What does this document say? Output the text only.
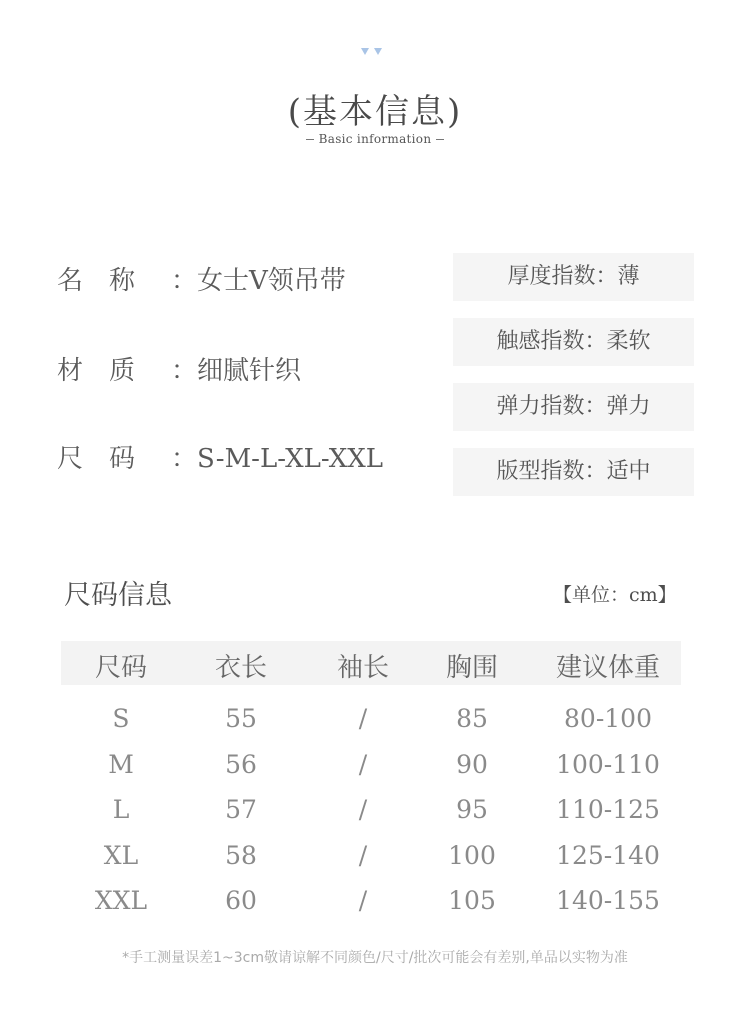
(基本信息)
Basic information
名　称 ：女士V领吊带
材　质 ：细腻针织
尺　码 ：S-M-L-XL-XXL
厚度指数：薄
触感指数：柔软
弹力指数：弹力
版型指数：适中
尺码信息	【单位：cm】
尺码	衣长	袖长 胸围 建议体重
S	55	/	85	80-100
M	56	/	90	100-110
L	57	/	95	110-125
XL	58	/	100 125-140
XXL	60	/	105 140-155
*手工测量误差1~3cm敬请谅解不同颜色/尺寸/批次可能会有差别,单品以实物为准
